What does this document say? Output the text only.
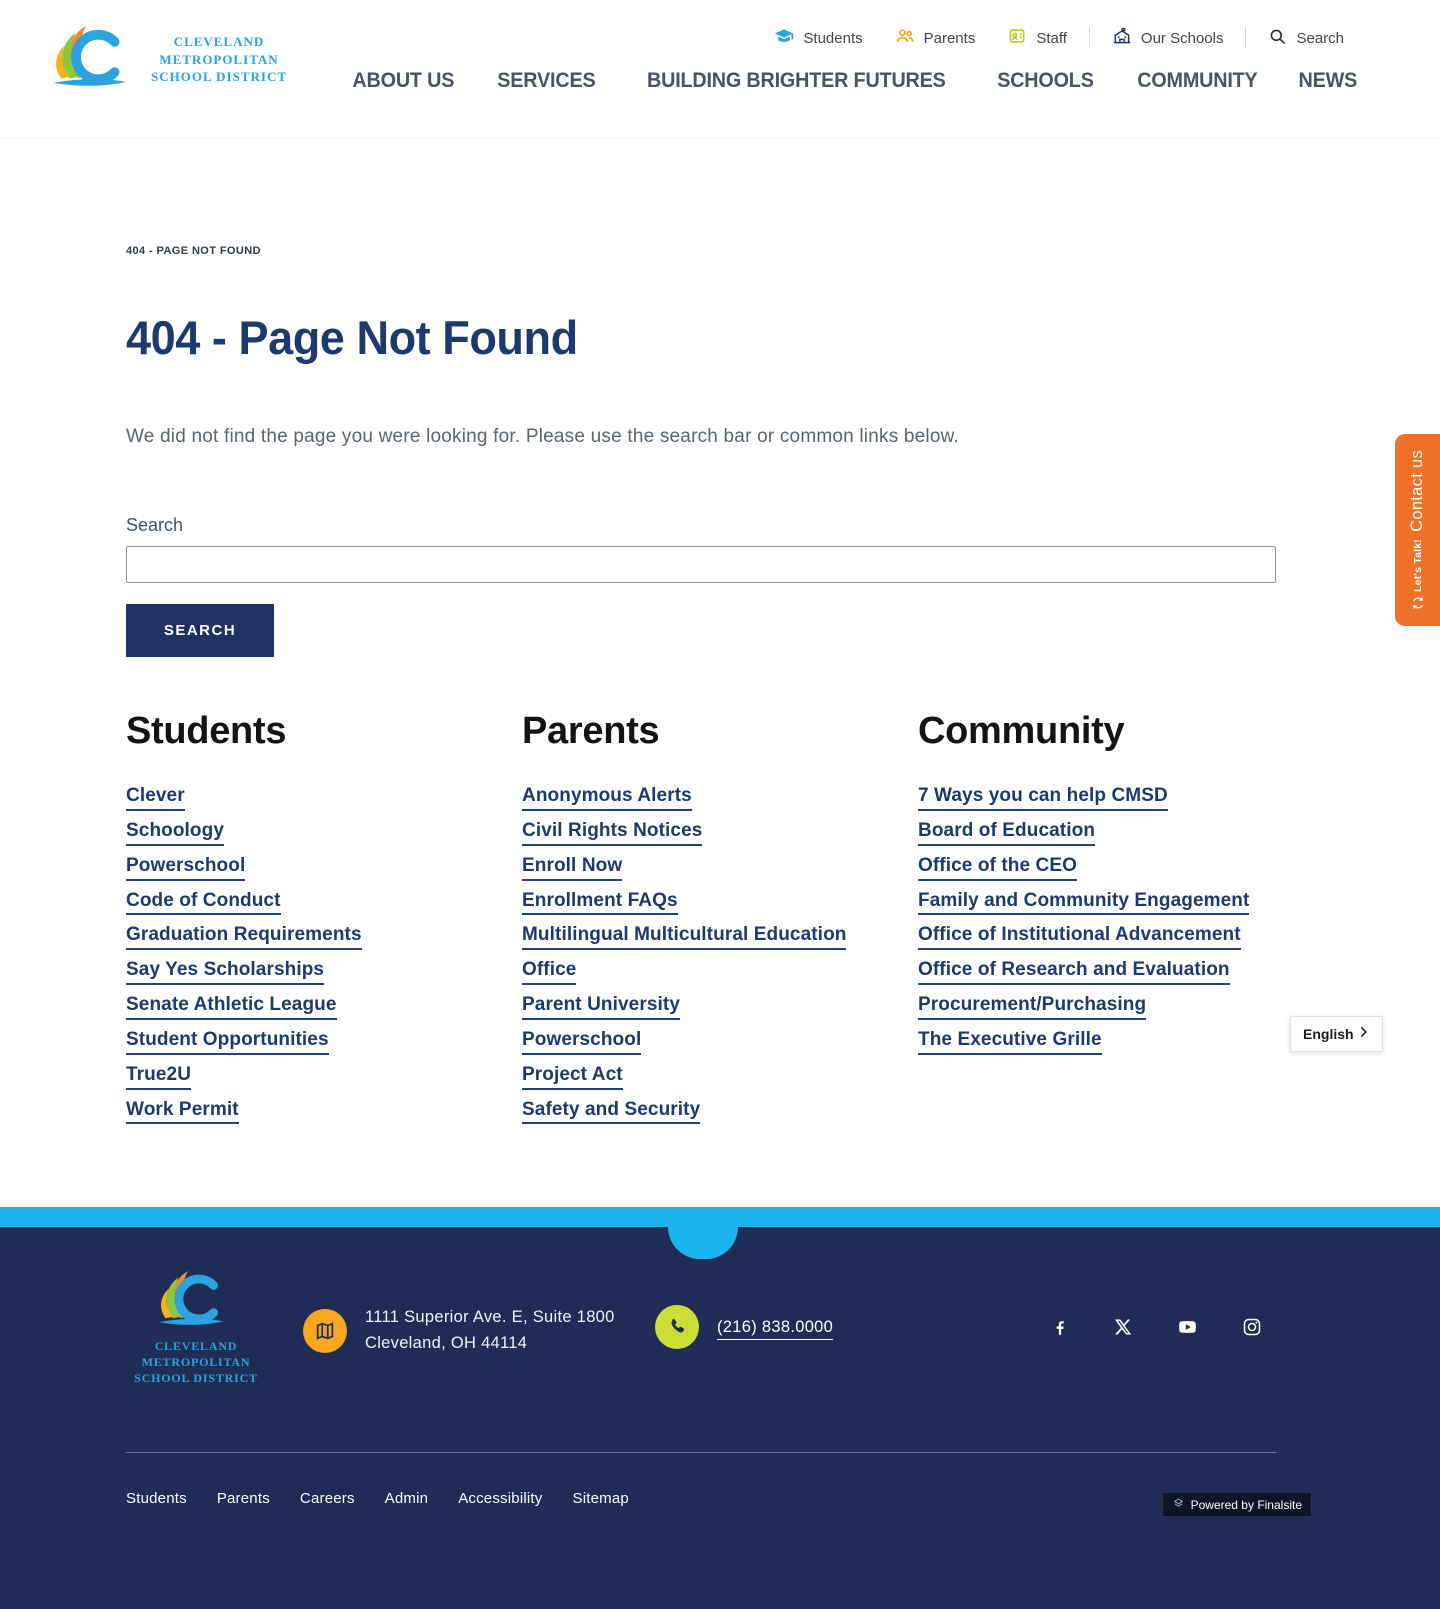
CLEVELAND
METROPOLITAN
SCHOOL DISTRICT
Students	Parents	Staff	Our Schools	Search
ABOUT US SERVICES BUILDING BRIGHTER FUTURES SCHOOLS COMMUNITY NEWS
404 - PAGE NOT FOUND
404 - Page Not Found

We did not find the page you were looking for. Please use the search bar or common links below.

Search

SEARCH
Students
Clever
Schoology
Powerschool
Code of Conduct
Graduation Requirements
Say Yes Scholarships
Senate Athletic League
Student Opportunities
True2U
Work Permit
Parents
Anonymous Alerts
Civil Rights Notices
Enroll Now
Enrollment FAQs
Multilingual Multicultural Education
Office
Parent University
Powerschool
Project Act
Safety and Security
Community
7 Ways you can help CMSD
Board of Education
Office of the CEO
Family and Community Engagement
Office of Institutional Advancement
Office of Research and Evaluation
Procurement/Purchasing
The Executive Grille	English
Contact us
Let's Talk!
CLEVELAND
METROPOLITAN
SCHOOL DISTRICT
1111 Superior Ave. E, Suite 1800
Cleveland, OH 44114
(216) 838.0000
Students Parents Careers Admin Accessibility Sitemap	Powered by Finalsite
